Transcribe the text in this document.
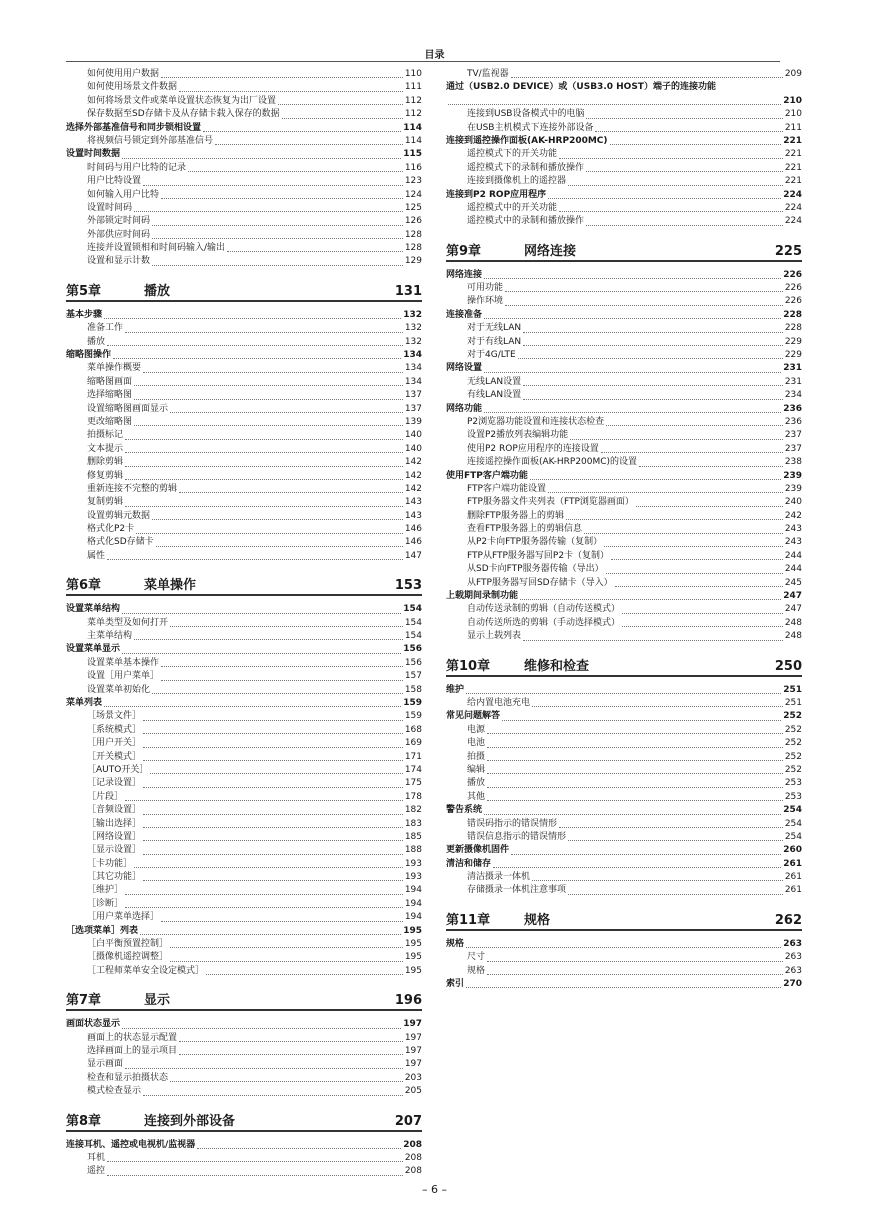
目录
如何使用用户数据	110
如何使用场景文件数据	111
如何将场景文件或菜单设置状态恢复为出厂设置	112
保存数据至SD存储卡及从存储卡载入保存的数据	112
选择外部基准信号和同步锁相设置	114
将视频信号锁定到外部基准信号	114
设置时间数据	115
时间码与用户比特的记录	116
用户比特设置	123
如何输入用户比特	124
设置时间码	125
外部锁定时间码	126
外部供应时间码	128
连接并设置锁相和时间码输入/输出	128
设置和显示计数	129
第5章	播放	131
基本步骤	132
准备工作	132
播放	132
缩略图操作	134
菜单操作概要	134
缩略图画面	134
选择缩略图	137
设置缩略图画面显示	137
更改缩略图	139
拍摄标记	140
文本提示	140
删除剪辑	142
修复剪辑	142
重新连接不完整的剪辑	142
复制剪辑	143
设置剪辑元数据	143
格式化P2卡	146
格式化SD存储卡	146
属性	147
第6章	菜单操作	153
设置菜单结构	154
菜单类型及如何打开	154
主菜单结构	154
设置菜单显示	156
设置菜单基本操作	156
设置［用户菜单］	157
设置菜单初始化	158
菜单列表	159
［场景文件］	159
［系统模式］	168
［用户开关］	169
［开关模式］	171
［AUTO开关］	174
［记录设置］	175
［片段］	178
［音频设置］	182
［输出选择］	183
［网络设置］	185
［显示设置］	188
［卡功能］	193
［其它功能］	193
［维护］	194
［诊断］	194
［用户菜单选择］	194
［选项菜单］列表	195
［白平衡预置控制］	195
［摄像机遥控调整］	195
［工程师菜单安全设定模式］	195
第7章	显示	196
画面状态显示	197
画面上的状态显示配置	197
选择画面上的显示项目	197
显示画面	197
检查和显示拍摄状态	203
模式检查显示	205
第8章	连接到外部设备	207
连接耳机、遥控或电视机/监视器	208
耳机	208
遥控	208
TV/监视器	209
通过（USB2.0 DEVICE）或（USB3.0 HOST）端子的连接功能
210
连接到USB设备模式中的电脑	210
在USB主机模式下连接外部设备	211
连接到遥控操作面板(AK-HRP200MC)	221
遥控模式下的开关功能	221
遥控模式下的录制和播放操作	221
连接到摄像机上的遥控器	221
连接到P2 ROP应用程序	224
遥控模式中的开关功能	224
遥控模式中的录制和播放操作	224
第9章	网络连接	225
网络连接	226
可用功能	226
操作环境	226
连接准备	228
对于无线LAN	228
对于有线LAN	229
对于4G/LTE	229
网络设置	231
无线LAN设置	231
有线LAN设置	234
网络功能	236
P2浏览器功能设置和连接状态检查	236
设置P2播放列表编辑功能	237
使用P2 ROP应用程序的连接设置	237
连接遥控操作面板(AK-HRP200MC)的设置	238
使用FTP客户端功能	239
FTP客户端功能设置	239
FTP服务器文件夹列表（FTP浏览器画面）	240
删除FTP服务器上的剪辑	242
查看FTP服务器上的剪辑信息	243
从P2卡向FTP服务器传输（复制）	243
FTP从FTP服务器写回P2卡（复制）	244
从SD卡向FTP服务器传输（导出）	244
从FTP服务器写回SD存储卡（导入）	245
上载期间录制功能	247
自动传送录制的剪辑（自动传送模式）	247
自动传送所选的剪辑（手动选择模式）	248
显示上载列表	248
第10章	维修和检查	250
维护	251
给内置电池充电	251
常见问题解答	252
电源	252
电池	252
拍摄	252
编辑	252
播放	253
其他	253
警告系统	254
错误码指示的错误情形	254
错误信息指示的错误情形	254
更新摄像机固件	260
清洁和储存	261
清洁摄录一体机	261
存储摄录一体机注意事项	261
第11章	规格	262
规格	263
尺寸	263
规格	263
索引	270
– 6 –
